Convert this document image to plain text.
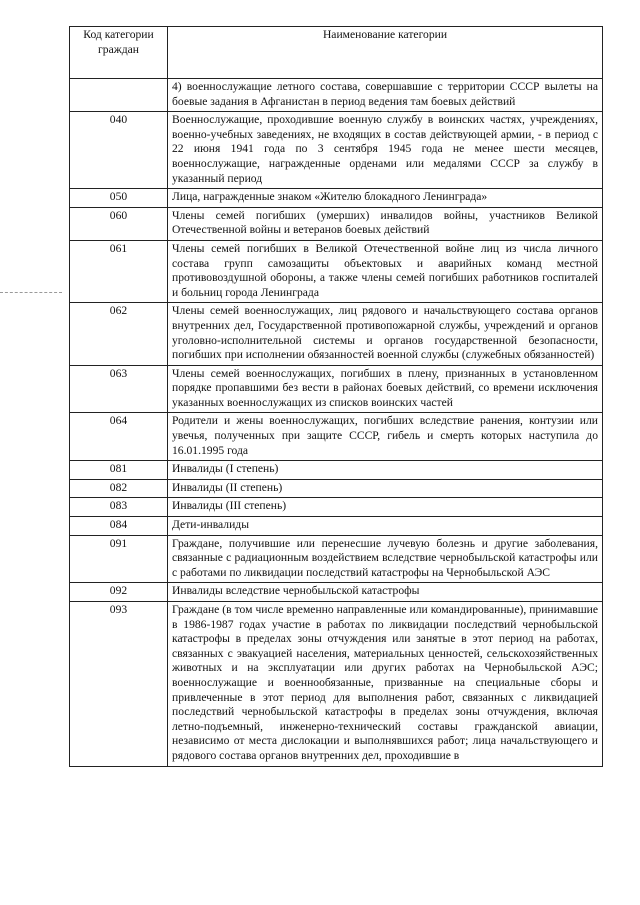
Код категории граждан	Наименование категории
	4) военнослужащие летного состава, совершавшие с территории СССР вылеты на боевые задания в Афганистан в период ведения там боевых действий
040	Военнослужащие, проходившие военную службу в воинских частях, учреждениях, военно-учебных заведениях, не входящих в состав действующей армии, - в период с 22 июня 1941 года по 3 сентября 1945 года не менее шести месяцев, военнослужащие, награжденные орденами или медалями СССР за службу в указанный период
050	Лица, награжденные знаком «Жителю блокадного Ленинграда»
060	Члены семей погибших (умерших) инвалидов войны, участников Великой Отечественной войны и ветеранов боевых действий
061	Члены семей погибших в Великой Отечественной войне лиц из числа личного состава групп самозащиты объектовых и аварийных команд местной противовоздушной обороны, а также члены семей погибших работников госпиталей и больниц города Ленинграда
062	Члены семей военнослужащих, лиц рядового и начальствующего состава органов внутренних дел, Государственной противопожарной службы, учреждений и органов уголовно-исполнительной системы и органов государственной безопасности, погибших при исполнении обязанностей военной службы (служебных обязанностей)
063	Члены семей военнослужащих, погибших в плену, признанных в установленном порядке пропавшими без вести в районах боевых действий, со времени исключения указанных военнослужащих из списков воинских частей
064	Родители и жены военнослужащих, погибших вследствие ранения, контузии или увечья, полученных при защите СССР, гибель и смерть которых наступила до 16.01.1995 года
081	Инвалиды (I степень)
082	Инвалиды (II степень)
083	Инвалиды (III степень)
084	Дети-инвалиды
091	Граждане, получившие или перенесшие лучевую болезнь и другие заболевания, связанные с радиационным воздействием вследствие чернобыльской катастрофы или с работами по ликвидации последствий катастрофы на Чернобыльской АЭС
092	Инвалиды вследствие чернобыльской катастрофы
093	Граждане (в том числе временно направленные или командированные), принимавшие в 1986-1987 годах участие в работах по ликвидации последствий чернобыльской катастрофы в пределах зоны отчуждения или занятые в этот период на работах, связанных с эвакуацией населения, материальных ценностей, сельскохозяйственных животных и на эксплуатации или других работах на Чернобыльской АЭС; военнослужащие и военнообязанные, призванные на специальные сборы и привлеченные в этот период для выполнения работ, связанных с ликвидацией последствий чернобыльской катастрофы в пределах зоны отчуждения, включая летно-подъемный, инженерно-технический составы гражданской авиации, независимо от места дислокации и выполнявшихся работ; лица начальствующего и рядового состава органов внутренних дел, проходившие в
